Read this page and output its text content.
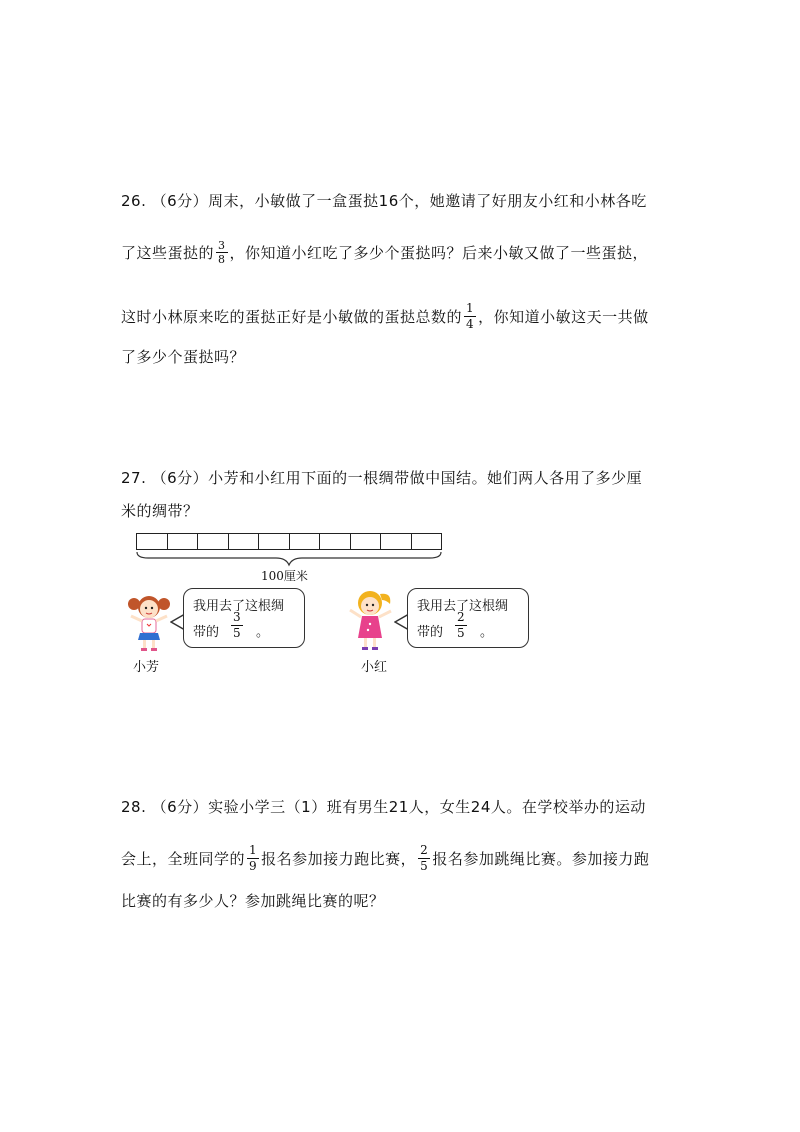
26. （6分）周末，小敏做了一盒蛋挞16个，她邀请了好朋友小红和小林各吃
了这些蛋挞的 $\frac{3}{8}$ ，你知道小红吃了多少个蛋挞吗？后来小敏又做了一些蛋挞，
这时小林原来吃的蛋挞正好是小敏做的蛋挞总数的 $\frac{1}{4}$ ，你知道小敏这天一共做
了多少个蛋挞吗？
27. （6分）小芳和小红用下面的一根绸带做中国结。她们两人各用了多少厘
米的绸带？
100厘米
小芳
我用去了这根绸
带的 $\frac{3}{5}$ 。
小红
我用去了这根绸
带的 $\frac{2}{5}$ 。
28. （6分）实验小学三（1）班有男生21人，女生24人。在学校举办的运动
会上，全班同学的 $\frac{1}{9}$ 报名参加接力跑比赛， $\frac{2}{5}$ 报名参加跳绳比赛。参加接力跑
比赛的有多少人？参加跳绳比赛的呢？
